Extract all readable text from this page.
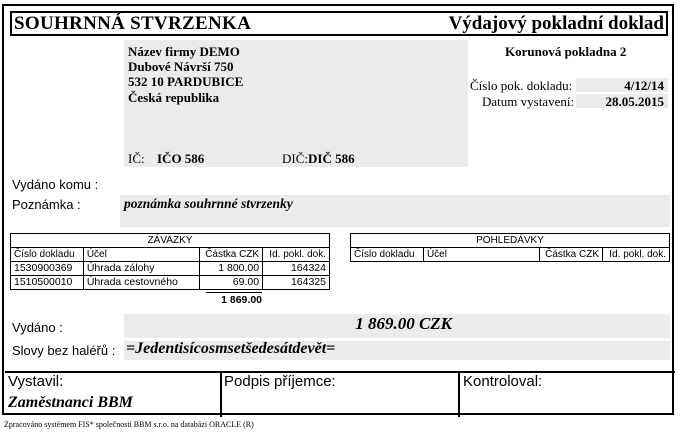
SOUHRNNÁ STVRZENKA	Výdajový pokladní doklad
Název firmy DEMO
Dubové Návrší 750
532 10 PARDUBICE
Česká republika
IČ: IČO 586	DIČ: DIČ 586
Korunová pokladna 2
Číslo pok. dokladu:	4/12/14
Datum vystavení:	28.05.2015
Vydáno komu :
Poznámka :	poznámka souhrnné stvrzenky
ZÁVAZKY			
Číslo dokladu	Účel	Částka CZK	Id. pokl. dok.
1530900369	Úhrada zálohy	1 800.00	164324
1510500010	Úhrada cestovného	69.00	164325
1 869.00
POHLEDÁVKY
Číslo dokladu	Účel	Částka CZK	Id. pokl. dok.
Vydáno :	1 869.00 CZK
Slovy bez haléřů : =Jedentisícosmsetšedesátdevět=
Vystavil:
Zaměstnanci BBM
Podpis příjemce:	Kontroloval:
Zpracováno systémem FIS* společnosti BBM s.r.o. na databázi ORACLE (R)
